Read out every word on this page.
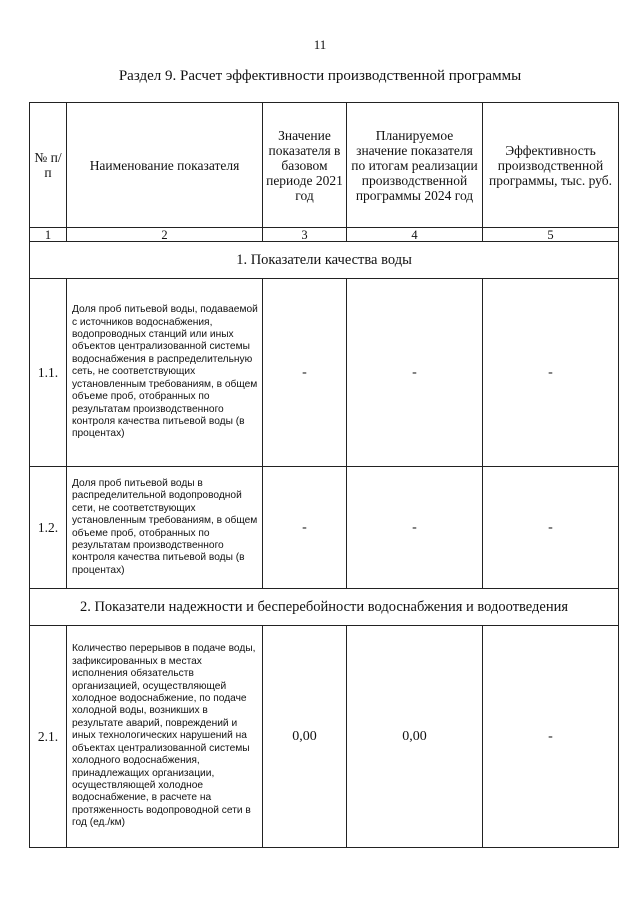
11
Раздел 9. Расчет эффективности производственной программы
№ п/п	Наименование показателя	Значение показателя в базовом периоде 2021 год	Планируемое значение показателя по итогам реализации производственной программы 2024 год	Эффективность производственной программы, тыс. руб.
1	2	3	4	5
1. Показатели качества воды				
1.1.	Доля проб питьевой воды, подаваемой с источников водоснабжения, водопроводных станций или иных объектов централизованной системы водоснабжения в распределительную сеть, не соответствующих установленным требованиям, в общем объеме проб, отобранных по результатам производственного контроля качества питьевой воды (в процентах)	-	-	-
1.2.	Доля проб питьевой воды в распределительной водопроводной сети, не соответствующих установленным требованиям, в общем объеме проб, отобранных по результатам производственного контроля качества питьевой воды (в процентах)	-	-	-
2. Показатели надежности и бесперебойности водоснабжения и водоотведения				
2.1.	Количество перерывов в подаче воды, зафиксированных в местах исполнения обязательств организацией, осуществляющей холодное водоснабжение, по подаче холодной воды, возникших в результате аварий, повреждений и иных технологических нарушений на объектах централизованной системы холодного водоснабжения, принадлежащих организации, осуществляющей холодное водоснабжение, в расчете на протяженность водопроводной сети в год (ед./км)	0,00	0,00	-
